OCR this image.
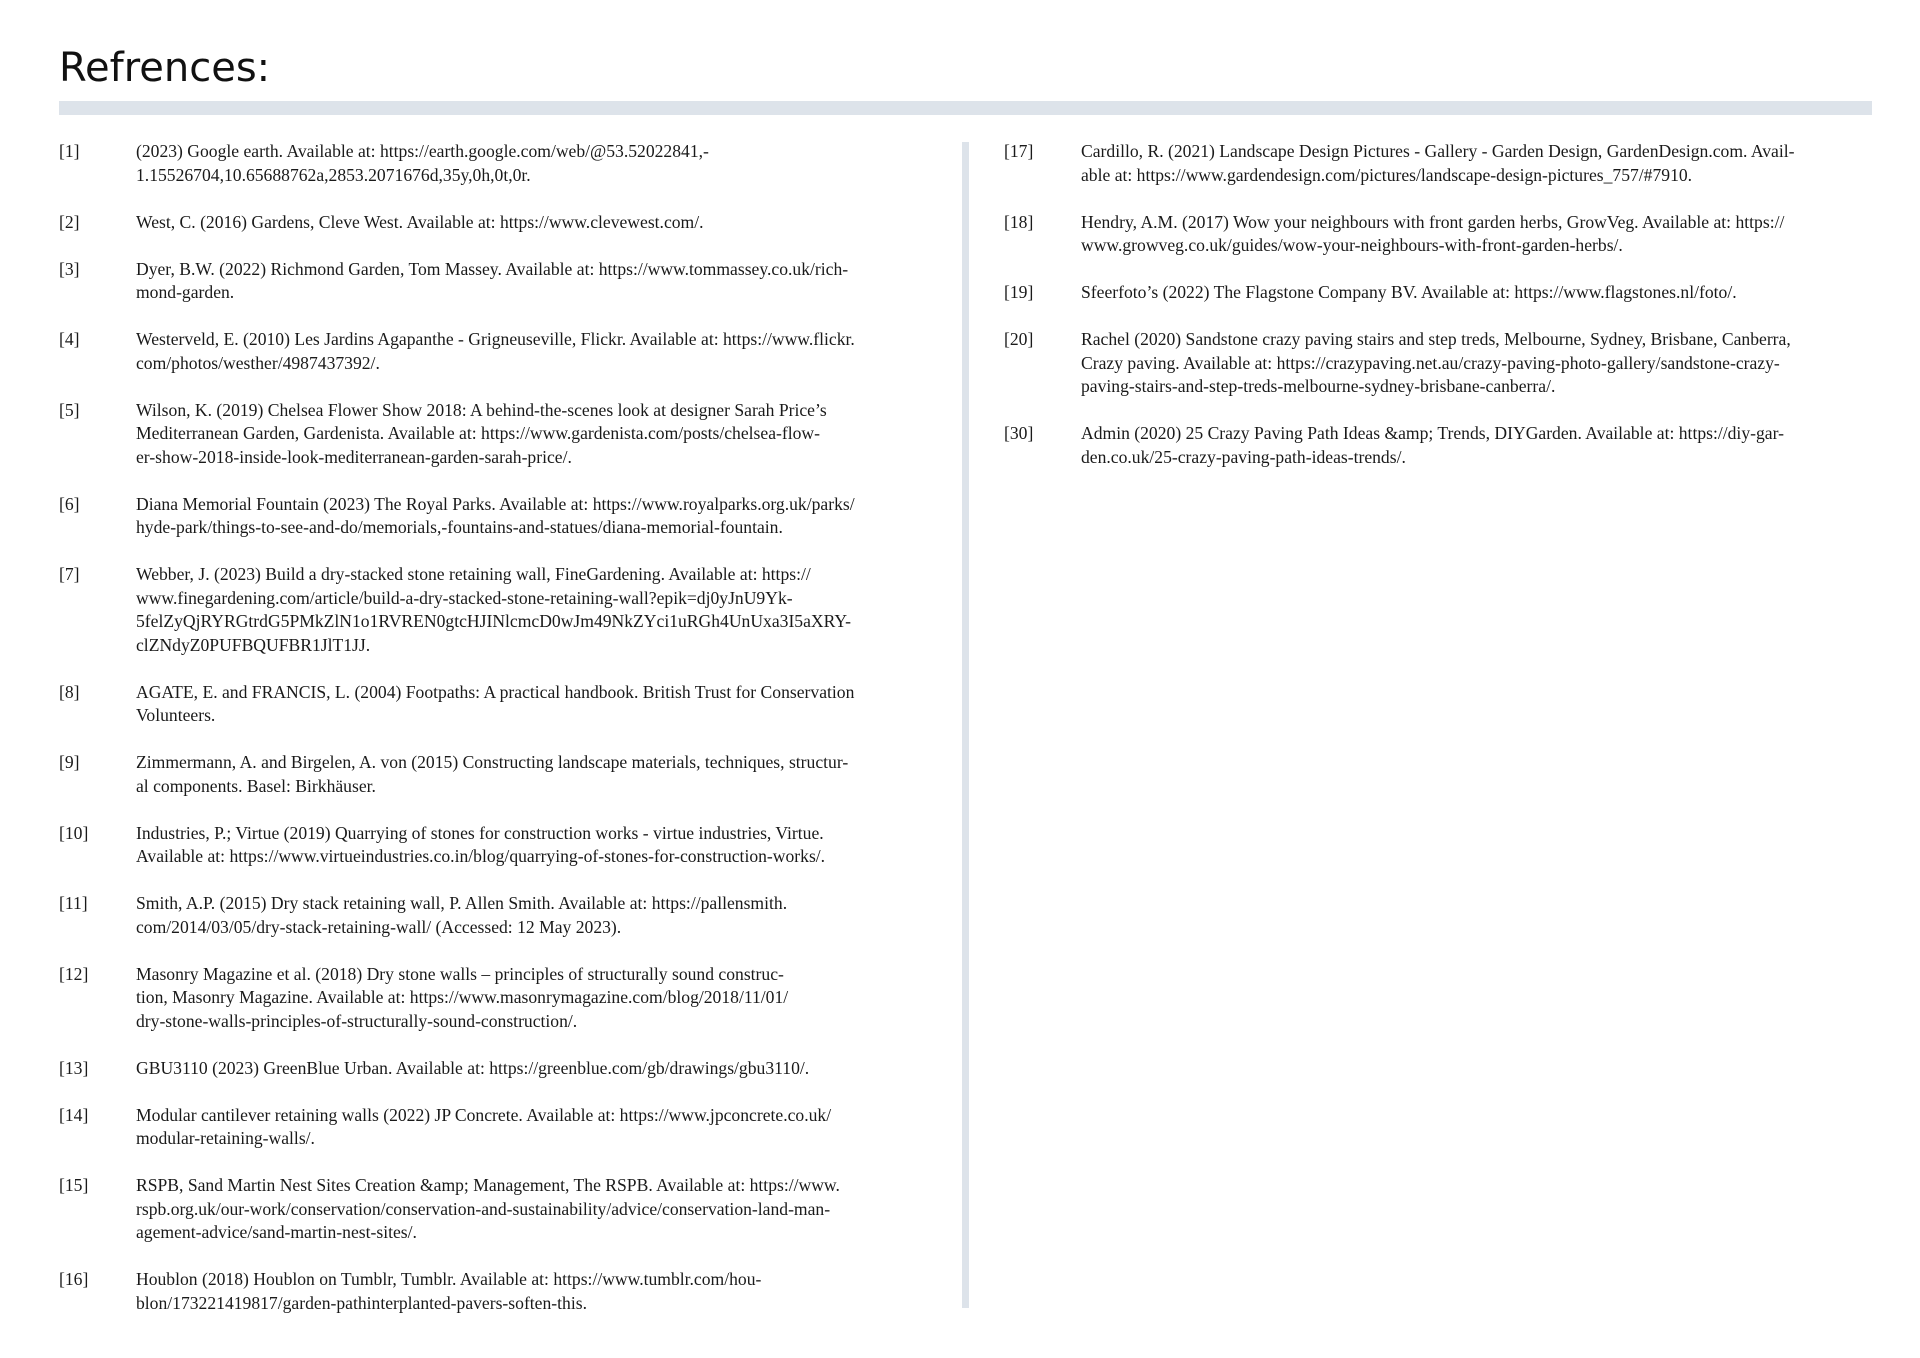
Refrences:
[1]	(2023) Google earth. Available at: https://earth.google.com/web/@53.52022841,-
1.15526704,10.65688762a,2853.2071676d,35y,0h,0t,0r.
[2]	West, C. (2016) Gardens, Cleve West. Available at: https://www.clevewest.com/.
[3]	Dyer, B.W. (2022) Richmond Garden, Tom Massey. Available at: https://www.tommassey.co.uk/rich-
mond-garden.
[4]	Westerveld, E. (2010) Les Jardins Agapanthe - Grigneuseville, Flickr. Available at: https://www.flickr.
com/photos/westher/4987437392/.
[5]	Wilson, K. (2019) Chelsea Flower Show 2018: A behind-the-scenes look at designer Sarah Price’s
Mediterranean Garden, Gardenista. Available at: https://www.gardenista.com/posts/chelsea-flow-
er-show-2018-inside-look-mediterranean-garden-sarah-price/.
[6]	Diana Memorial Fountain (2023) The Royal Parks. Available at: https://www.royalparks.org.uk/parks/
hyde-park/things-to-see-and-do/memorials,-fountains-and-statues/diana-memorial-fountain.
[7]	Webber, J. (2023) Build a dry-stacked stone retaining wall, FineGardening. Available at: https://
www.finegardening.com/article/build-a-dry-stacked-stone-retaining-wall?epik=dj0yJnU9Yk-
5felZyQjRYRGtrdG5PMkZlN1o1RVREN0gtcHJINlcmcD0wJm49NkZYci1uRGh4UnUxa3I5aXRY-
clZNdyZ0PUFBQUFBR1JlT1JJ.
[8]	AGATE, E. and FRANCIS, L. (2004) Footpaths: A practical handbook. British Trust for Conservation
Volunteers.
[9]	Zimmermann, A. and Birgelen, A. von (2015) Constructing landscape materials, techniques, structur-
al components. Basel: Birkhäuser.
[10]	Industries, P.; Virtue (2019) Quarrying of stones for construction works - virtue industries, Virtue.
Available at: https://www.virtueindustries.co.in/blog/quarrying-of-stones-for-construction-works/.
[11]	Smith, A.P. (2015) Dry stack retaining wall, P. Allen Smith. Available at: https://pallensmith.
com/2014/03/05/dry-stack-retaining-wall/ (Accessed: 12 May 2023).
[12]	Masonry Magazine et al. (2018) Dry stone walls – principles of structurally sound construc-
tion, Masonry Magazine. Available at: https://www.masonrymagazine.com/blog/2018/11/01/
dry-stone-walls-principles-of-structurally-sound-construction/.
[13]	GBU3110 (2023) GreenBlue Urban. Available at: https://greenblue.com/gb/drawings/gbu3110/.
[14]	Modular cantilever retaining walls (2022) JP Concrete. Available at: https://www.jpconcrete.co.uk/
modular-retaining-walls/.
[15]	RSPB, Sand Martin Nest Sites Creation &amp; Management, The RSPB. Available at: https://www.
rspb.org.uk/our-work/conservation/conservation-and-sustainability/advice/conservation-land-man-
agement-advice/sand-martin-nest-sites/.
[16]	Houblon (2018) Houblon on Tumblr, Tumblr. Available at: https://www.tumblr.com/hou-
blon/173221419817/garden-pathinterplanted-pavers-soften-this.
[17]	Cardillo, R. (2021) Landscape Design Pictures - Gallery - Garden Design, GardenDesign.com. Avail-
able at: https://www.gardendesign.com/pictures/landscape-design-pictures_757/#7910.
[18]	Hendry, A.M. (2017) Wow your neighbours with front garden herbs, GrowVeg. Available at: https://
www.growveg.co.uk/guides/wow-your-neighbours-with-front-garden-herbs/.
[19]	Sfeerfoto’s (2022) The Flagstone Company BV. Available at: https://www.flagstones.nl/foto/.
[20]	Rachel (2020) Sandstone crazy paving stairs and step treds, Melbourne, Sydney, Brisbane, Canberra,
Crazy paving. Available at: https://crazypaving.net.au/crazy-paving-photo-gallery/sandstone-crazy-
paving-stairs-and-step-treds-melbourne-sydney-brisbane-canberra/.
[30]	Admin (2020) 25 Crazy Paving Path Ideas &amp; Trends, DIYGarden. Available at: https://diy-gar-
den.co.uk/25-crazy-paving-path-ideas-trends/.
